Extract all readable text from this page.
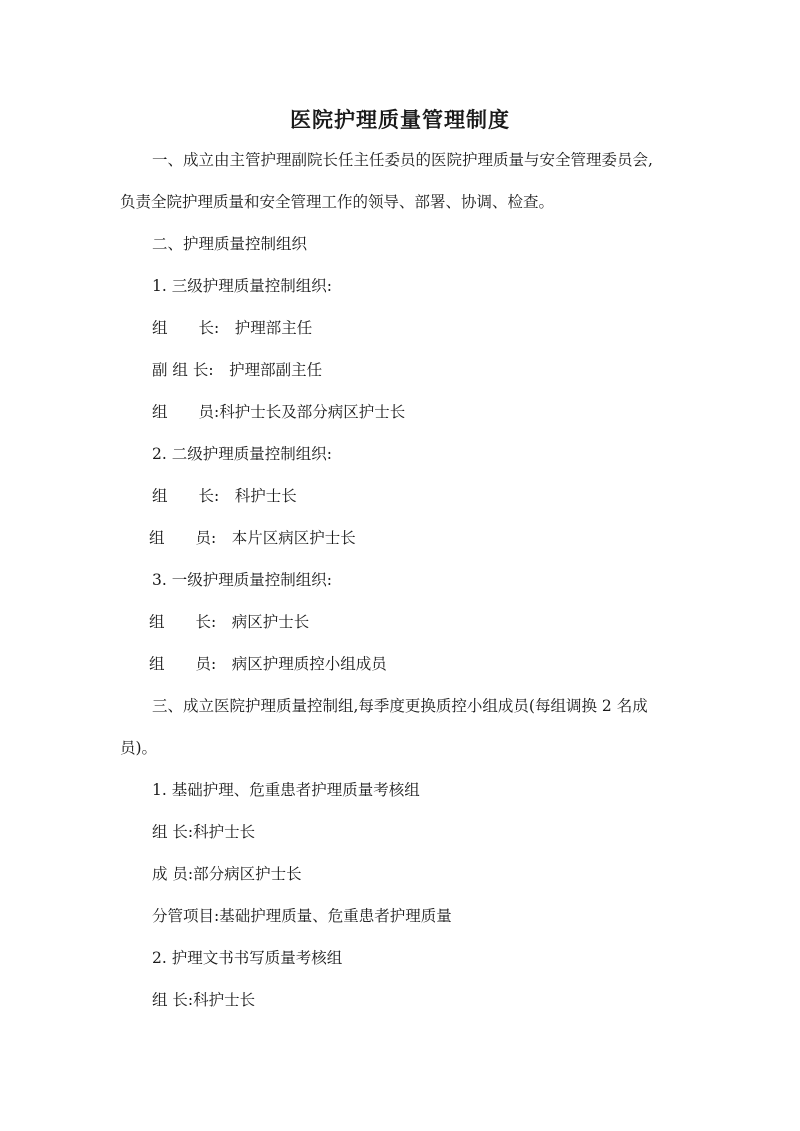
医院护理质量管理制度

一、成立由主管护理副院长任主任委员的医院护理质量与安全管理委员会,

负责全院护理质量和安全管理工作的领导、部署、协调、检查。

二、护理质量控制组织

1. 三级护理质量控制组织:

组　　长:　护理部主任

副 组 长:　护理部副主任

组　　员:科护士长及部分病区护士长

2. 二级护理质量控制组织:

组　　长:　科护士长

组　　员:　本片区病区护士长

3. 一级护理质量控制组织:

组　　长:　病区护士长

组　　员:　病区护理质控小组成员

三、成立医院护理质量控制组,每季度更换质控小组成员(每组调换 2 名成

员)。

1. 基础护理、危重患者护理质量考核组

组 长:科护士长

成 员:部分病区护士长

分管项目:基础护理质量、危重患者护理质量

2. 护理文书书写质量考核组

组 长:科护士长
